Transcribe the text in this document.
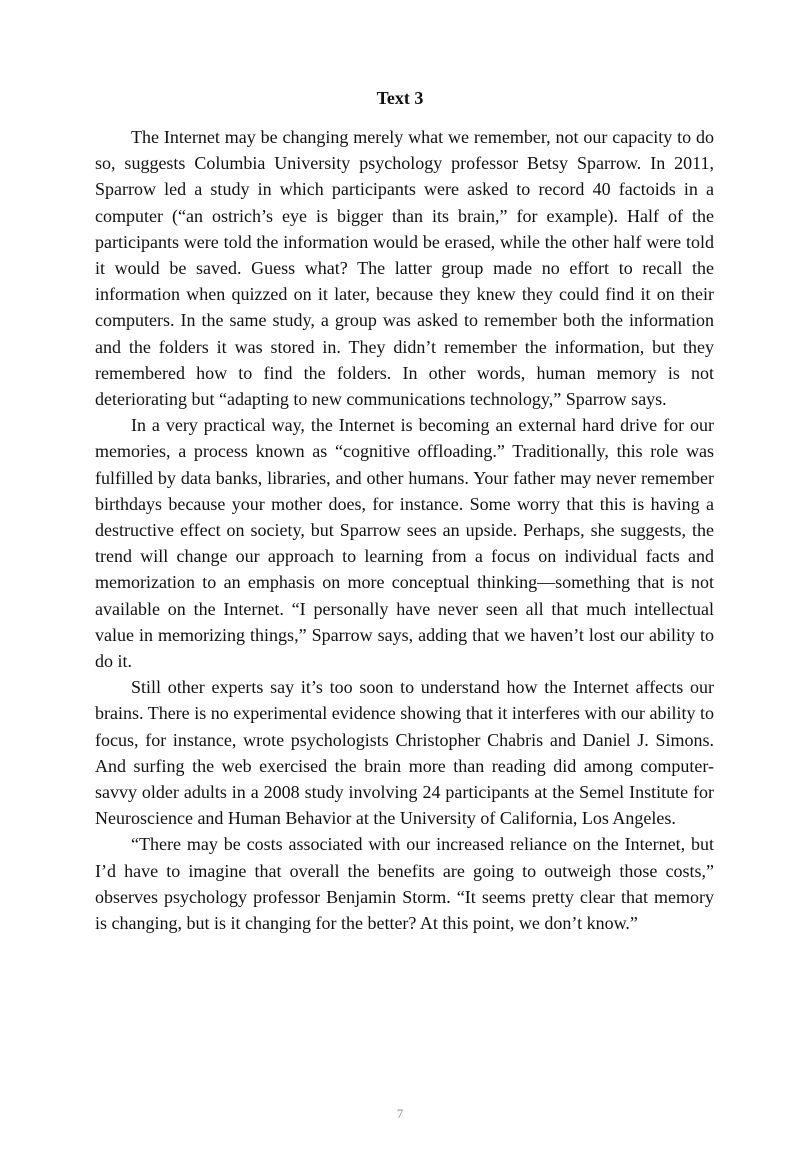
Text 3

The Internet may be changing merely what we remember, not our capacity to do so, suggests Columbia University psychology professor Betsy Sparrow. In 2011, Sparrow led a study in which participants were asked to record 40 factoids in a computer (“an ostrich’s eye is bigger than its brain,” for example). Half of the participants were told the information would be erased, while the other half were told it would be saved. Guess what? The latter group made no effort to recall the information when quizzed on it later, because they knew they could find it on their computers. In the same study, a group was asked to remember both the information and the folders it was stored in. They didn’t remember the information, but they remembered how to find the folders. In other words, human memory is not deteriorating but “adapting to new communications technology,” Sparrow says.

In a very practical way, the Internet is becoming an external hard drive for our memories, a process known as “cognitive offloading.” Traditionally, this role was fulfilled by data banks, libraries, and other humans. Your father may never remember birthdays because your mother does, for instance. Some worry that this is having a destructive effect on society, but Sparrow sees an upside. Perhaps, she suggests, the trend will change our approach to learning from a focus on individual facts and memorization to an emphasis on more conceptual thinking—something that is not available on the Internet. “I personally have never seen all that much intellectual value in memorizing things,” Sparrow says, adding that we haven’t lost our ability to do it.

Still other experts say it’s too soon to understand how the Internet affects our brains. There is no experimental evidence showing that it interferes with our ability to focus, for instance, wrote psychologists Christopher Chabris and Daniel J. Simons. And surfing the web exercised the brain more than reading did among computer-savvy older adults in a 2008 study involving 24 participants at the Semel Institute for Neuroscience and Human Behavior at the University of California, Los Angeles.

“There may be costs associated with our increased reliance on the Internet, but I’d have to imagine that overall the benefits are going to outweigh those costs,” observes psychology professor Benjamin Storm. “It seems pretty clear that memory is changing, but is it changing for the better? At this point, we don’t know.”

7
